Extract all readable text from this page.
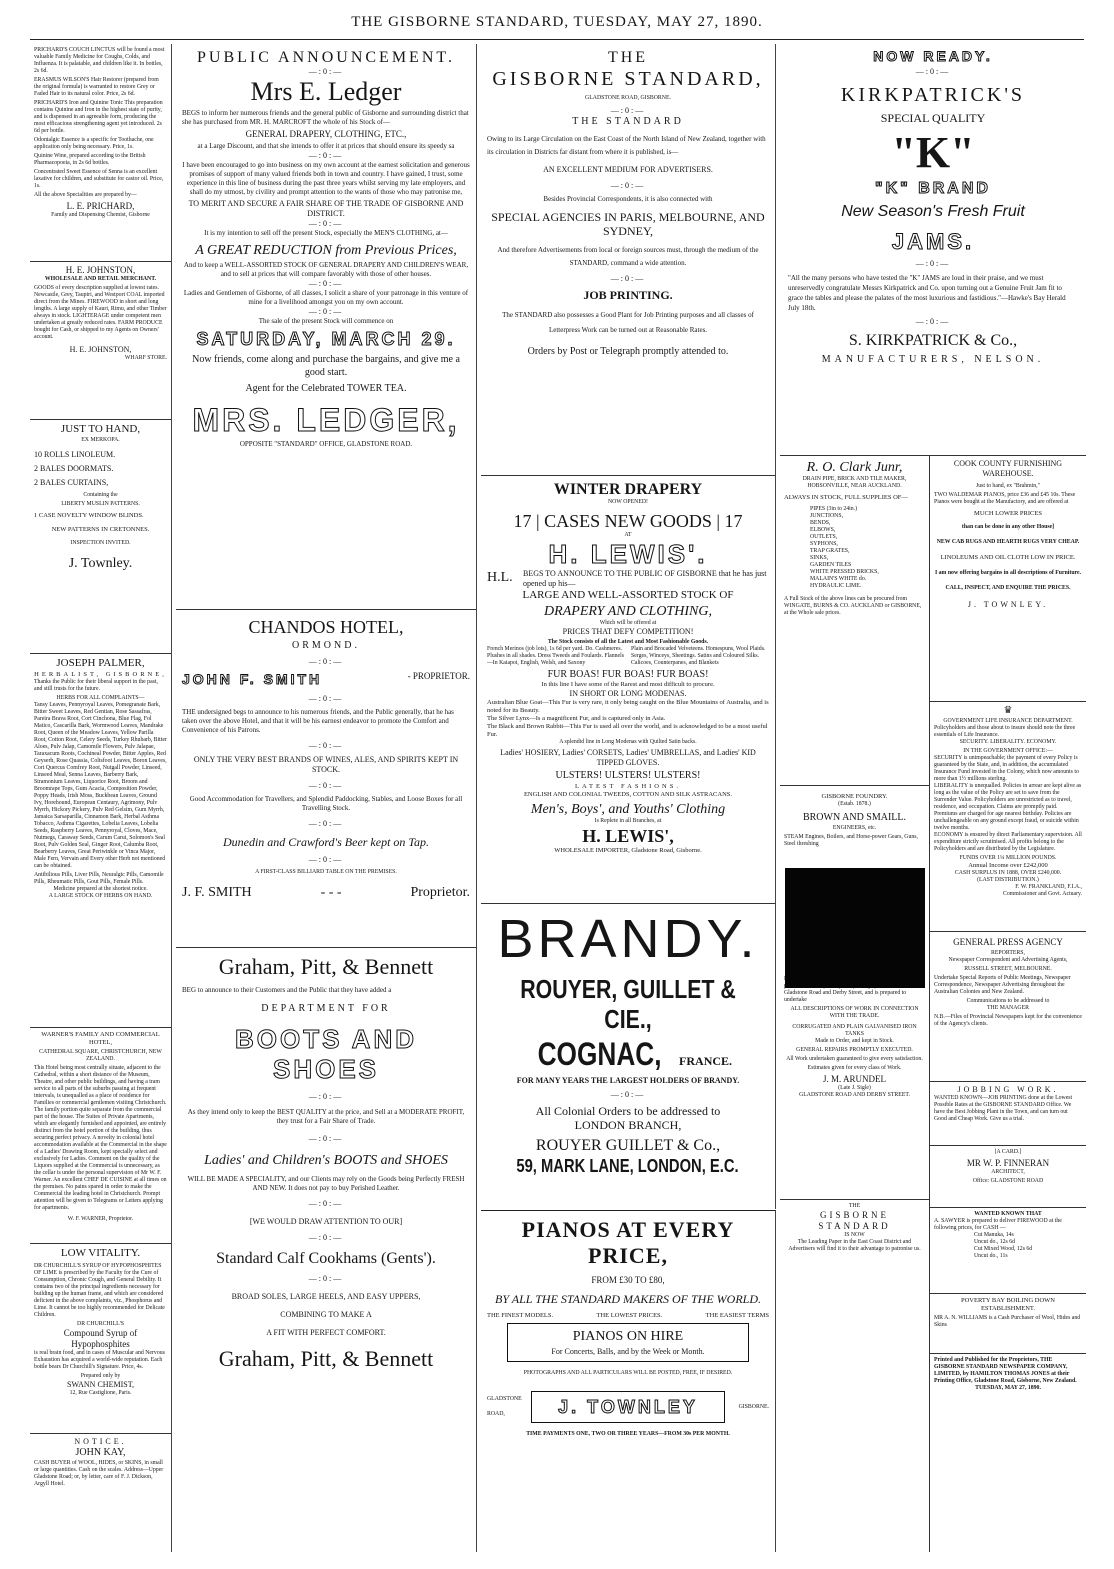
THE GISBORNE STANDARD, TUESDAY, MAY 27, 1890.
PRICHARD'S COUCH LINCTUS will be found a most valuable Family Medicine for Coughs, Colds, and Influenza. It is palatable, and children like it. In bottles, 2s 6d.
ERASMUS WILSON'S Hair Restorer (prepared from the original formula) is warranted to restore Grey or Faded Hair to its natural color. Price, 2s 6d.
PRICHARD'S Iron and Quinine Tonic This preparation contains Quinine and Iron in the highest state of purity, and is dispensed in an agreeable form, producing the most efficacious strengthening agent yet introduced. 2s 6d per bottle.
Odontalgic Essence is a specific for Toothache, one application only being necessary. Price, 1s.
Quinine Wine, prepared according to the British Pharmacopoeia, in 2s 6d bottles.
Concentrated Sweet Essence of Senna is an excellent laxative for children, and substitute for castor oil. Price, 1s.
All the above Specialities are prepared by—
L. E. PRICHARD,
Family and Dispensing Chemist, Gisborne
H. E. JOHNSTON,
WHOLESALE AND RETAIL MERCHANT.
GOODS of every description supplied at lowest rates. Newcastle, Grey, Taupiri, and Westport COAL imported direct from the Mines. FIREWOOD in short and long lengths. A large supply of Kauri, Rimu, and other Timber always in stock. LIGHTERAGE under competent men undertaken at greatly reduced rates. FARM PRODUCE bought for Cash, or shipped to my Agents on Owners' account.
H. E. JOHNSTON,
WHARF STORE.
JUST TO HAND,
EX MERKOPA.
10 ROLLS LINOLEUM.
2 BALES DOORMATS.
2 BALES CURTAINS,
Containing the
LIBERTY MUSLIN PATTERNS.
1 CASE NOVELTY WINDOW BLINDS.
NEW PATTERNS IN CRETONNES.
INSPECTION INVITED.
J. Townley.
JOSEPH PALMER,
HERBALIST, GISBORNE,
Thanks the Public for their liberal support in the past, and still trusts for the future.
HERBS FOR ALL COMPLAINTS—
Tansy Leaves, Pennyroyal Leaves, Pomegranate Bark, Bitter Sweet Leaves, Red Gentian, Rose Sassafras, Pareira Brava Root, Cort Cinchona, Blue Flag, Fol Matico, Cascarilla Bark, Wormwood Leaves, Mandrake Root, Queen of the Meadow Leaves, Yellow Parilla Root, Cotton Root, Celery Seeds, Turkey Rhubarb, Bitter Aloes, Pulv Jalap, Camomile Flowers, Pulv Jalapae, Taraxacum Roots, Cochineal Powder, Bitter Apples, Red Geyserh, Rose Quassia, Coltsfoot Leaves, Boron Leaves, Cort Quercus Comfrey Root, Nutgall Powder, Linseed, Linseed Meal, Senna Leaves, Barberry Bark, Stramonium Leaves, Liquorice Root, Broom and Broomrape Tops, Gum Acacia, Composition Powder, Poppy Heads, Irish Moss, Buckbean Leaves, Ground Ivy, Horehound, European Centaury, Agrimony, Pulv Myrrh, Hickory Pickery, Pulv Red Gelsim, Gum Myrrh, Jamaica Sarsaparilla, Cinnamon Bark, Herbal Asthma Tobacco, Asthma Cigarettes, Lobelia Leaves, Lobelia Seeds, Raspberry Leaves, Pennyroyal, Cloves, Mace, Nutmegs, Caraway Seeds, Carum Carui, Solomon's Seal Root, Pulv Golden Seal, Ginger Root, Calumba Root, Bearberry Leaves, Great Periwinkle or Vinca Major, Male Fern, Vervain and Every other Herb not mentioned can be obtained.
Antibilious Pills, Liver Pills, Neuralgic Pills, Camomile Pills, Rheumatic Pills, Gout Pills, Female Pills.
Medicine prepared at the shortest notice.
A LARGE STOCK OF HERBS ON HAND.
WARNER'S FAMILY AND COMMERCIAL HOTEL,
CATHEDRAL SQUARE, CHRISTCHURCH, NEW ZEALAND.
This Hotel being most centrally situate, adjacent to the Cathedral, within a short distance of the Museum, Theatre, and other public buildings, and having a tram service to all parts of the suburbs passing at frequent intervals, is unequalled as a place of residence for Families or commercial gentlemen visiting Christchurch. The family portion quite separate from the commercial part of the house. The Suites of Private Apartments, which are elegantly furnished and appointed, are entirely distinct from the hotel portion of the building, thus securing perfect privacy. A novelty in colonial hotel accommodation available at the Commercial in the shape of a Ladies' Drawing Room, kept specially select and exclusively for Ladies. Comment on the quality of the Liquors supplied at the Commercial is unnecessary, as the cellar is under the personal supervision of Mr W. F. Warner. An excellent CHEF DE CUISINE at all times on the premises. No pains spared in order to make the Commercial the leading hotel in Christchurch. Prompt attention will be given to Telegrams or Letters applying for apartments.
W. F. WARNER, Proprietor.
LOW VITALITY.
DR CHURCHILL'S SYRUP OF HYPOPHOSPHITES OF LIME is prescribed by the Faculty for the Cure of Consumption, Chronic Cough, and General Debility. It contains two of the principal ingredients necessary for building up the human frame, and which are considered deficient in the above complaints, viz., Phosphorus and Lime. It cannot be too highly recommended for Delicate Children.
DR CHURCHILL'S
Compound Syrup of Hypophosphites
is real brain food, and in cases of Muscular and Nervous Exhaustion has acquired a world-wide reputation. Each bottle bears Dr Churchill's Signature. Price, 4s.
Prepared only by
SWANN CHEMIST,
12, Rue Castiglione, Paris.
NOTICE.
JOHN KAY,
CASH BUYER of WOOL, HIDES, or SKINS, in small or large quantities. Cash on the scales. Address—Upper Gladstone Road; or, by letter, care of F. J. Dickson, Argyll Hotel.
PUBLIC ANNOUNCEMENT.
—:0:—
Mrs E. Ledger
BEGS to inform her numerous friends and the general public of Gisborne and surrounding district that she has purchased from MR. H. MARCROFT the whole of his Stock of—
GENERAL DRAPERY, CLOTHING, ETC.,
at a Large Discount, and that she intends to offer it at prices that should ensure its speedy sa
—:0:—
I have been encouraged to go into business on my own account at the earnest solicitation and generous promises of support of many valued friends both in town and country. I have gained, I trust, some experience in this line of business during the past three years whilst serving my late employers, and shall do my utmost, by civility and prompt attention to the wants of those who may patronise me,
TO MERIT AND SECURE A FAIR SHARE OF THE TRADE OF GISBORNE AND DISTRICT.
—:0:—
It is my intention to sell off the present Stock, especially the MEN'S CLOTHING, at—
A GREAT REDUCTION from Previous Prices,
And to keep a WELL-ASSORTED STOCK OF GENERAL DRAPERY AND CHILDREN'S WEAR, and to sell at prices that will compare favorably with those of other houses.
—:0:—
Ladies and Gentlemen of Gisborne, of all classes, I solicit a share of your patronage in this venture of mine for a livelihood amongst you on my own account.
—:0:—
The sale of the present Stock will commence on
SATURDAY, MARCH 29.
Now friends, come along and purchase the bargains, and give me a good start.
Agent for the Celebrated TOWER TEA.
MRS. LEDGER,
OPPOSITE "STANDARD" OFFICE, GLADSTONE ROAD.
CHANDOS HOTEL,
ORMOND.
—:0:—
JOHN F. SMITH	- PROPRIETOR.
—:0:—
THE undersigned begs to announce to his numerous friends, and the Public generally, that he has taken over the above Hotel, and that it will be his earnest endeavor to promote the Comfort and Convenience of his Patrons.
—:0:—
ONLY THE VERY BEST BRANDS OF WINES, ALES, AND SPIRITS KEPT IN STOCK.
—:0:—
Good Accommodation for Travellers, and Splendid Paddocking, Stables, and Loose Boxes for all Travelling Stock.
—:0:—
Dunedin and Crawford's Beer kept on Tap.
—:0:—
A FIRST-CLASS BILLIARD TABLE ON THE PREMISES.
J. F. SMITH	- - -	Proprietor.
Graham, Pitt, & Bennett
BEG to announce to their Customers and the Public that they have added a
DEPARTMENT FOR
BOOTS AND SHOES
—:0:—
As they intend only to keep the BEST QUALITY at the price, and Sell at a MODERATE PROFIT, they trust for a Fair Share of Trade.
—:0:—
Ladies' and Children's BOOTS and SHOES
WILL BE MADE A SPECIALITY, and our Clients may rely on the Goods being Perfectly FRESH AND NEW. It does not pay to buy Perished Leather.
—:0:—
[WE WOULD DRAW ATTENTION TO OUR]
—:0:—
Standard Calf Cookhams (Gents').
—:0:—
BROAD SOLES, LARGE HEELS, AND EASY UPPERS,
COMBINING TO MAKE A
A FIT WITH PERFECT COMFORT.
Graham, Pitt, & Bennett
THE
GISBORNE STANDARD,
GLADSTONE ROAD, GISBORNE.
—:0:—
THE STANDARD
Owing to its Large Circulation on the East Coast of the North Island of New Zealand, together with its circulation in Districts far distant from where it is published, is—
AN EXCELLENT MEDIUM FOR ADVERTISERS.
—:0:—
Besides Provincial Correspondents, it is also connected with
SPECIAL AGENCIES IN PARIS, MELBOURNE, AND SYDNEY,
And therefore Advertisements from local or foreign sources must, through the medium of the STANDARD, command a wide attention.
—:0:—
JOB PRINTING.
The STANDARD also possesses a Good Plant for Job Printing purposes and all classes of Letterpress Work can be turned out at Reasonable Rates.
Orders by Post or Telegraph promptly attended to.
WINTER DRAPERY
NOW OPENED!
17 | CASES NEW GOODS | 17
AT
H. LEWIS'.
H.L.	BEGS TO ANNOUNCE TO THE PUBLIC OF GISBORNE that he has just opened up his—
LARGE AND WELL-ASSORTED STOCK OF
DRAPERY AND CLOTHING,
Which will be offered at
PRICES THAT DEFY COMPETITION!
The Stock consists of all the Latest and Most Fashionable Goods.
French Merinos (job lots), 1s 6d per yard. Do. Cashmeres. Plushes in all shades. Dress Tweeds and Foulards. Flannels—In Kaiapoi, English, Welsh, and Saxony
Plain and Brocaded Velveteens. Homespuns, Wool Plaids. Serges, Winceys, Sheetings. Satins and Coloured Silks. Calicoes, Counterpanes, and Blankets
FUR BOAS! FUR BOAS! FUR BOAS!
In this line I have some of the Rarest and most difficult to procure.
IN SHORT OR LONG MODENAS.
Australian Blue Goat—This Fur is very rare, it only being caught on the Blue Mountains of Australia, and is noted for its Beauty.
The Silver Lynx—Is a magnificent Fur, and is captured only in Asia.
The Black and Brown Rabbit—This Fur is used all over the world, and is acknowledged to be a most useful Fur.
A splendid line in Long Modenas with Quilted Satin backs.
Ladies' HOSIERY, Ladies' CORSETS, Ladies' UMBRELLAS, and Ladies' KID TIPPED GLOVES.
ULSTERS! ULSTERS! ULSTERS!
LATEST FASHIONS.
ENGLISH AND COLONIAL TWEEDS, COTTON AND SILK ASTRACANS.
Men's, Boys', and Youths' Clothing
Is Replete in all Branches, at
H. LEWIS',
WHOLESALE IMPORTER, Gladstone Road, Gisborne.
BRANDY.
ROUYER, GUILLET & CIE.,
COGNAC, FRANCE.
FOR MANY YEARS THE LARGEST HOLDERS OF BRANDY.
—:0:—
All Colonial Orders to be addressed to
LONDON BRANCH,
ROUYER GUILLET & Co.,
59, MARK LANE, LONDON, E.C.
NOW READY.
—:0:—
KIRKPATRICK'S
SPECIAL QUALITY
"K"
"K" BRAND
New Season's Fresh Fruit
JAMS.
—:0:—
"All the many persons who have tested the "K" JAMS are loud in their praise, and we must unreservedly congratulate Messrs Kirkpatrick and Co. upon turning out a Genuine Fruit Jam fit to grace the tables and please the palates of the most luxurious and fastidious."—Hawke's Bay Herald July 18th.
—:0:—
S. KIRKPATRICK & Co.,
MANUFACTURERS, NELSON.
R. O. Clark Junr,
DRAIN PIPE, BRICK AND TILE MAKER,
HOBSONVILLE, NEAR AUCKLAND.
ALWAYS IN STOCK, FULL SUPPLIES OF—
PIPES (3in to 24in.)
JUNCTIONS,
BENDS,
ELBOWS,
OUTLETS,
SYPHONS,
TRAP GRATES,
SINKS,
GARDEN TILES
WHITE PRESSED BRICKS,
MALAIN'S WHITE do.
HYDRAULIC LIME.
A Full Stock of the above lines can be procured from WINGATE, BURNS & CO. AUCKLAND or GISBORNE, at the Whole sale prices.
GISBORNE FOUNDRY.
(Estab. 1878.)
BROWN AND SMAILL.
ENGINEERS, etc.
STEAM Engines, Boilers, and Horse-power Gears, Guns, Steel threshing
Gladstone Road and Derby Street, and is prepared to undertake
ALL DESCRIPTIONS OF WORK IN CONNECTION WITH THE TRADE.
CORRUGATED AND PLAIN GALVANISED IRON TANKS
Made to Order, and kept in Stock.
GENERAL REPAIRS PROMPTLY EXECUTED.
All Work undertaken guaranteed to give every satisfaction.
Estimates given for every class of Work.
J. M. ARUNDEL
(Late J. Sigle)
GLADSTONE ROAD AND DERBY STREET.
THE
GISBORNE STANDARD
IS NOW
The Leading Paper in the East Coast District and Advertisers will find it to their advantage to patronise us.
COOK COUNTY FURNISHING WAREHOUSE.
Just to hand, ex "Brahmin,"
TWO WALDEMAR PIANOS, price £36 and £45 10s. These Pianos were bought at the Manufactory, and are offered at
MUCH LOWER PRICES
than can be done in any other House]
NEW CAB RUGS AND HEARTH RUGS VERY CHEAP.
LINOLEUMS AND OIL CLOTH LOW IN PRICE.
I am now offering bargains in all descriptions of Furniture.
CALL, INSPECT, AND ENQUIRE THE PRICES.
J. TOWNLEY.
♛
GOVERNMENT LIFE INSURANCE DEPARTMENT.
Policyholders and those about to insure should note the three essentials of Life Insurance.
SECURITY. LIBERALITY. ECONOMY.
IN THE GOVERNMENT OFFICE:—
SECURITY is unimpeachable; the payment of every Policy is guaranteed by the State, and, in addition, the accumulated Insurance Fund invested in the Colony, which now amounts to more than 1½ millions sterling.
LIBERALITY is unequalled. Policies in arrear are kept alive as long as the value of the Policy are set to save from the Surrender Value. Policyholders are unrestricted as to travel, residence, and occupation. Claims are promptly paid. Premiums are charged for age nearest birthday. Policies are unchallengeable on any ground except fraud, or suicide within twelve months.
ECONOMY is ensured by direct Parliamentary supervision. All expenditure strictly scrutinised. All profits belong to the Policyholders and are distributed by the Legislature.
FUNDS OVER 1¼ MILLION POUNDS.
Annual Income over £242,000
CASH SURPLUS IN 1888, OVER £240,000.
(LAST DISTRIBUTION.)
F. W. FRANKLAND, F.I.A.,
Commissioner and Govt. Actuary.
GENERAL PRESS AGENCY
REPORTERS,
Newspaper Correspondent and Advertising Agents,
RUSSELL STREET, MELBOURNE.
Undertake Special Reports of Public Meetings, Newspaper Correspondence, Newspaper Advertising throughout the Australian Colonies and New Zealand.
Communications to be addressed to
THE MANAGER
N.B.—Files of Provincial Newspapers kept for the convenience of the Agency's clients.
JOBBING WORK.
WANTED KNOWN—JOB PRINTING done at the Lowest Possible Rates at the GISBORNE STANDARD Office. We have the Best Jobbing Plant in the Town, and can turn out Good and Cheap Work. Give us a trial.
[A CARD.]
MR W. P. FINNERAN
ARCHITECT,
Office: GLADSTONE ROAD
WANTED KNOWN THAT
A. SAWYER is prepared to deliver FIREWOOD at the following prices, for CASH —
Cut Manuka, 14s
Uncut do., 12s 6d
Cut Mixed Wood, 12s 6d
Uncut do., 11s
POVERTY BAY BOILING DOWN ESTABLISHMENT.
MR A. N. WILLIAMS is a Cash Purchaser of Wool, Hides and Skins
Printed and Published for the Proprietors, THE GISBORNE STANDARD NEWSPAPER COMPANY, LIMITED, by HAMILTON THOMAS JONES at their Printing Office, Gladstone Road, Gisborne, New Zealand.
TUESDAY, MAY 27, 1890.
PIANOS AT EVERY PRICE,
FROM £30 TO £80,
BY ALL THE STANDARD MAKERS OF THE WORLD.
THE FINEST MODELS.	THE LOWEST PRICES.	THE EASIEST TERMS
PIANOS ON HIRE
For Concerts, Balls, and by the Week or Month.
PHOTOGRAPHS AND ALL PARTICULARS WILL BE POSTED, FREE, IF DESIRED.
GLADSTONE
ROAD,	J. TOWNLEY	GISBORNE.
TIME PAYMENTS ONE, TWO OR THREE YEARS—FROM 30s PER MONTH.
